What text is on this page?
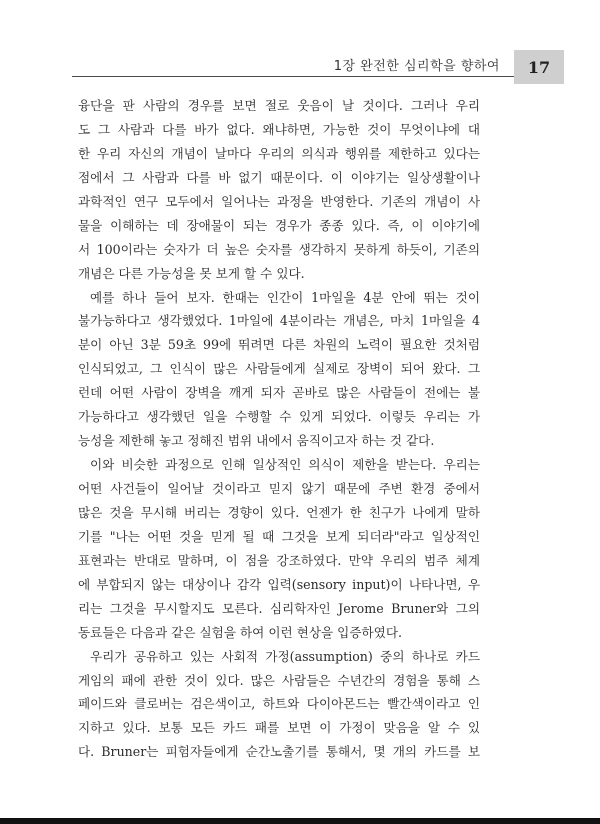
1장 완전한 심리학을 향하여	17
융단을 판 사람의 경우를 보면 절로 웃음이 날 것이다. 그러나 우리
도 그 사람과 다를 바가 없다. 왜냐하면, 가능한 것이 무엇이냐에 대
한 우리 자신의 개념이 날마다 우리의 의식과 행위를 제한하고 있다는
점에서 그 사람과 다를 바 없기 때문이다. 이 이야기는 일상생활이나
과학적인 연구 모두에서 일어나는 과정을 반영한다. 기존의 개념이 사
물을 이해하는 데 장애물이 되는 경우가 종종 있다. 즉, 이 이야기에
서 100이라는 숫자가 더 높은 숫자를 생각하지 못하게 하듯이, 기존의
개념은 다른 가능성을 못 보게 할 수 있다.
예를 하나 들어 보자. 한때는 인간이 1마일을 4분 안에 뛰는 것이
불가능하다고 생각했었다. 1마일에 4분이라는 개념은, 마치 1마일을 4
분이 아닌 3분 59초 99에 뛰려면 다른 차원의 노력이 필요한 것처럼
인식되었고, 그 인식이 많은 사람들에게 실제로 장벽이 되어 왔다. 그
런데 어떤 사람이 장벽을 깨게 되자 곧바로 많은 사람들이 전에는 불
가능하다고 생각했던 일을 수행할 수 있게 되었다. 이렇듯 우리는 가
능성을 제한해 놓고 정해진 범위 내에서 움직이고자 하는 것 같다.
이와 비슷한 과정으로 인해 일상적인 의식이 제한을 받는다. 우리는
어떤 사건들이 일어날 것이라고 믿지 않기 때문에 주변 환경 중에서
많은 것을 무시해 버리는 경향이 있다. 언젠가 한 친구가 나에게 말하
기를 "나는 어떤 것을 믿게 될 때 그것을 보게 되더라"라고 일상적인
표현과는 반대로 말하며, 이 점을 강조하였다. 만약 우리의 범주 체계
에 부합되지 않는 대상이나 감각 입력(sensory input)이 나타나면, 우
리는 그것을 무시할지도 모른다. 심리학자인 Jerome Bruner와 그의
동료들은 다음과 같은 실험을 하여 이런 현상을 입증하였다.
우리가 공유하고 있는 사회적 가정(assumption) 중의 하나로 카드
게임의 패에 관한 것이 있다. 많은 사람들은 수년간의 경험을 통해 스
페이드와 클로버는 검은색이고, 하트와 다이아몬드는 빨간색이라고 인
지하고 있다. 보통 모든 카드 패를 보면 이 가정이 맞음을 알 수 있
다. Bruner는 피험자들에게 순간노출기를 통해서, 몇 개의 카드를 보
